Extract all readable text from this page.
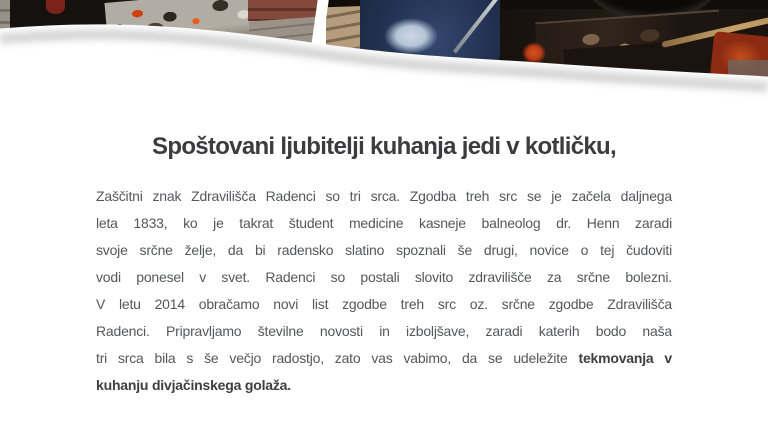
Spoštovani ljubitelji kuhanja jedi v kotličku,
Zaščitni znak Zdravilišča Radenci so tri srca. Zgodba treh src se je začela daljnega
leta 1833, ko je takrat študent medicine kasneje balneolog dr. Henn zaradi
svoje srčne želje, da bi radensko slatino spoznali še drugi, novice o tej čudoviti
vodi ponesel v svet. Radenci so postali slovito zdravilišče za srčne bolezni.
V letu 2014 obračamo novi list zgodbe treh src oz. srčne zgodbe Zdravilišča
Radenci. Pripravljamo številne novosti in izboljšave, zaradi katerih bodo naša
tri srca bila s še večjo radostjo, zato vas vabimo, da se udeležite tekmovanja v
kuhanju divjačinskega golaža.
